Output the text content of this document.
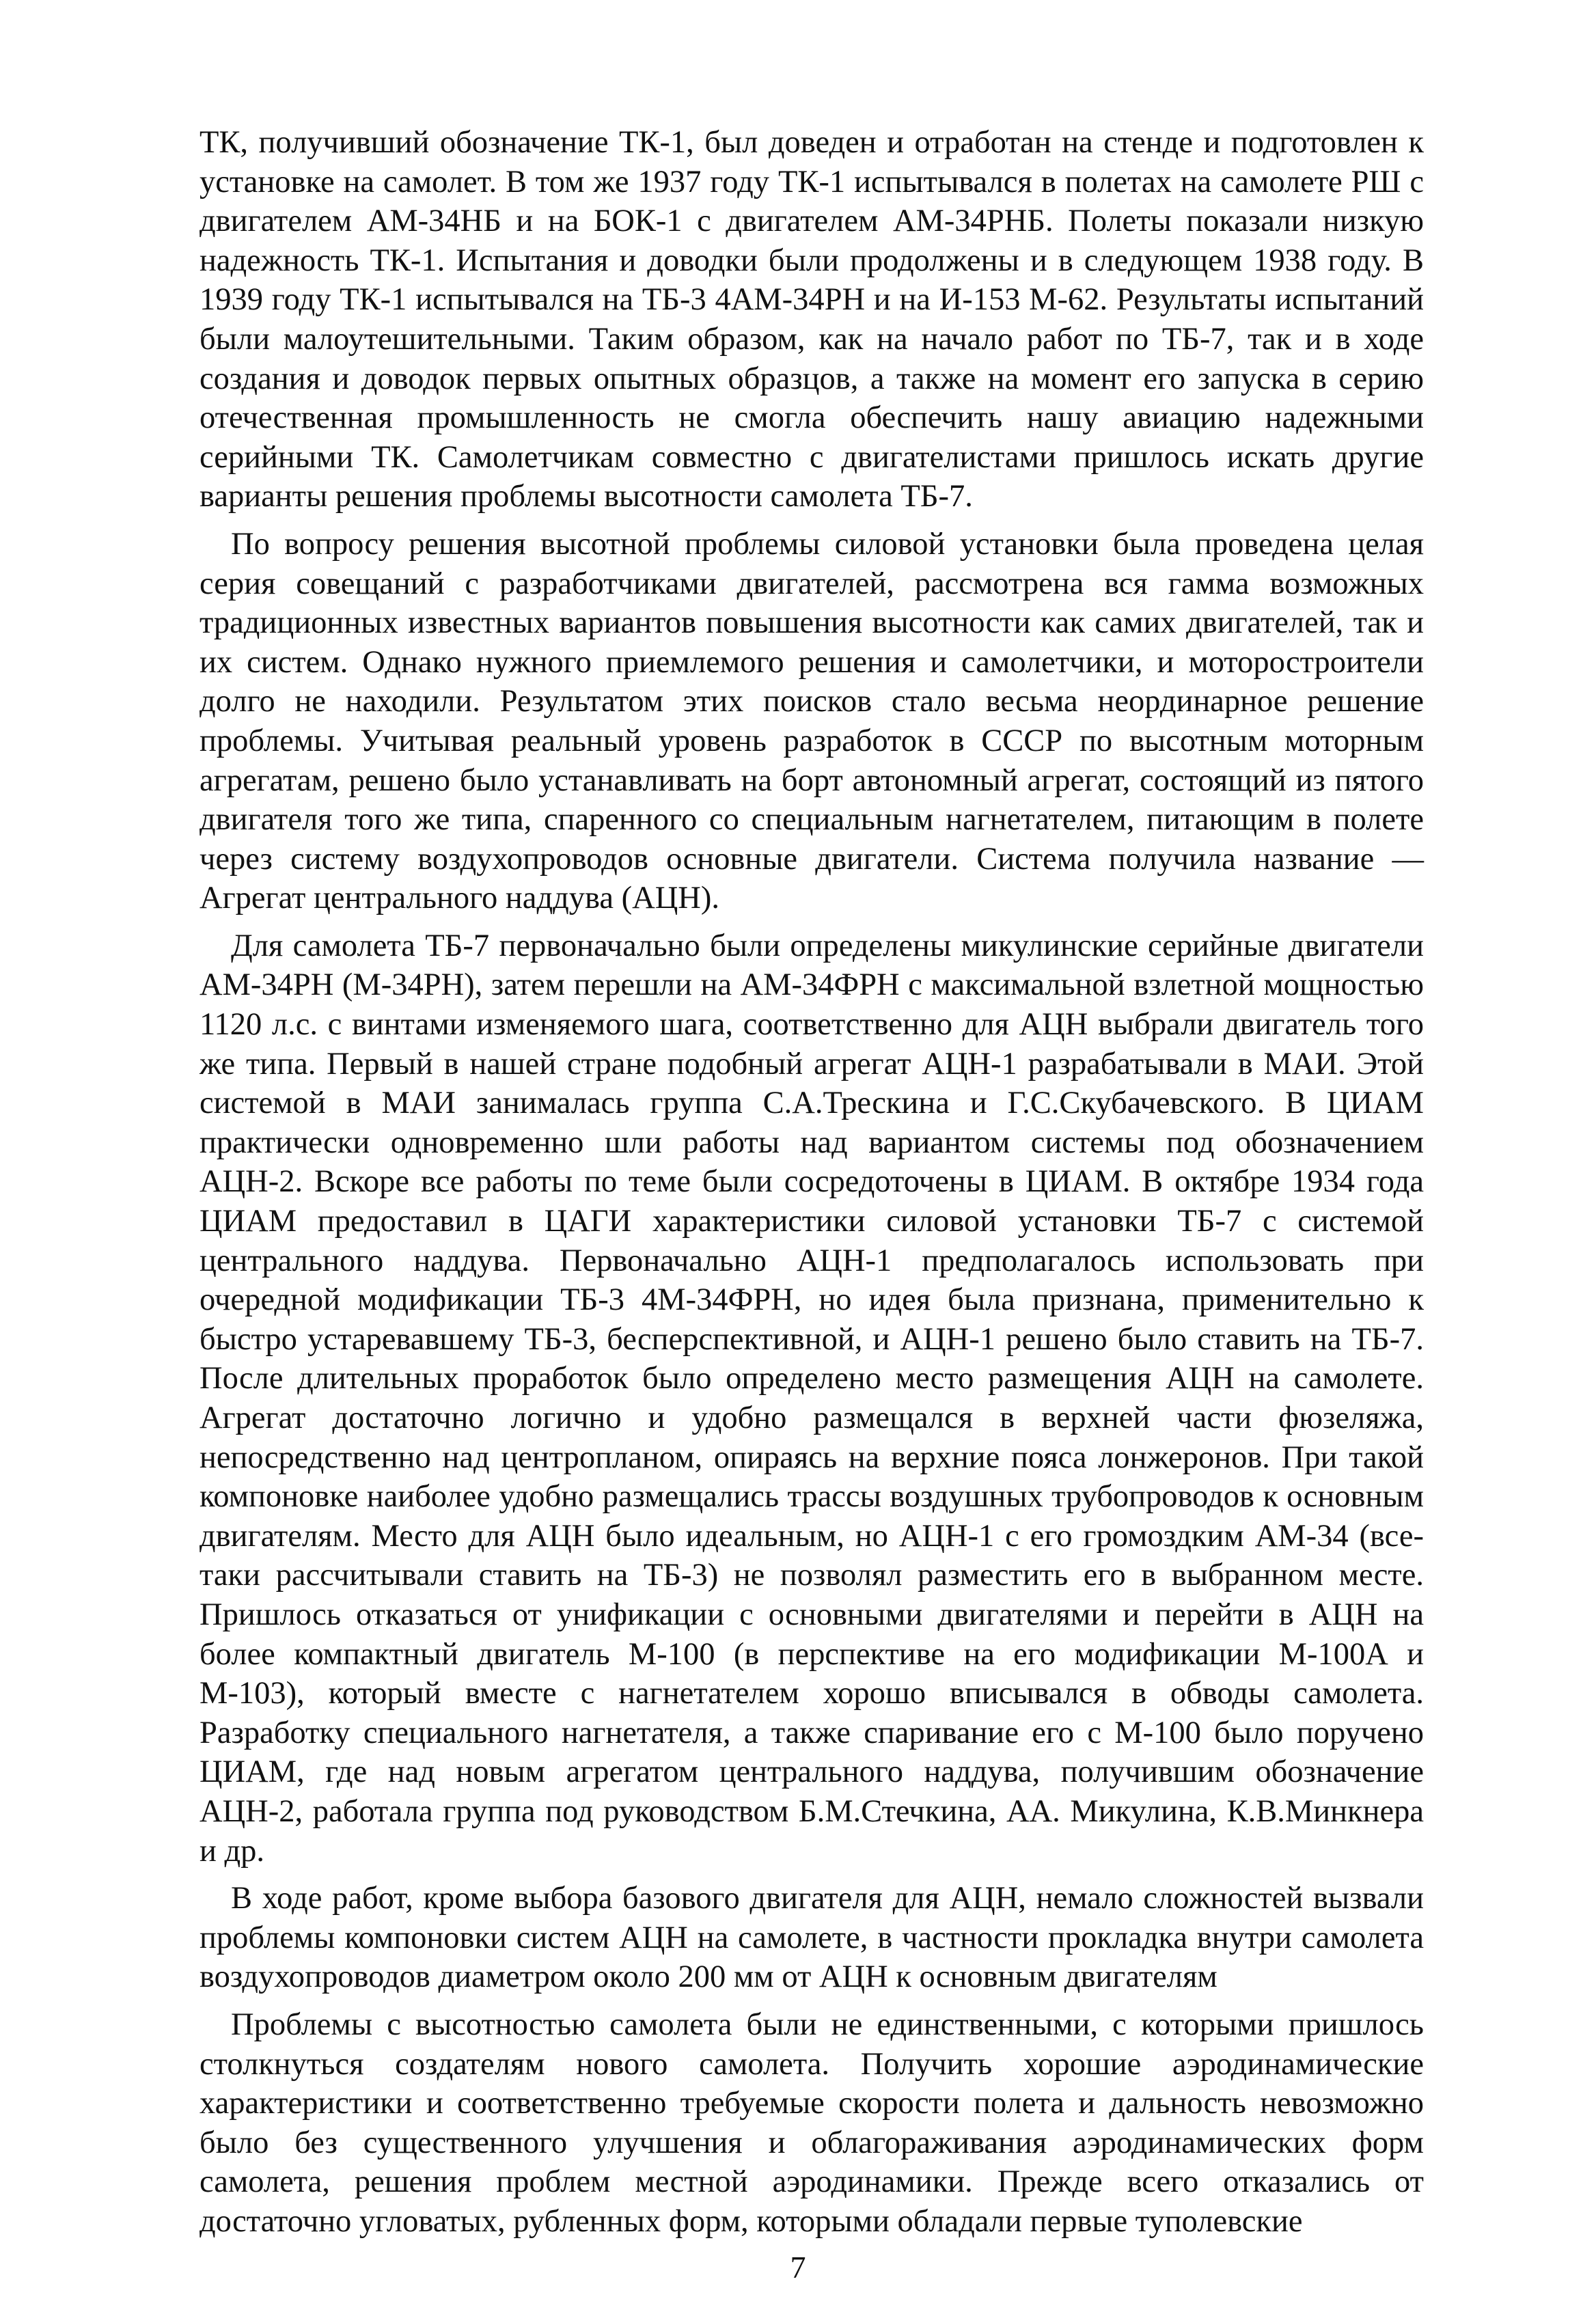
ТК, получивший обозначение ТК-1, был доведен и отработан на стенде и подготовлен к установке на самолет. В том же 1937 году ТК-1 испытывался в полетах на самолете РШ с двигателем АМ-34НБ и на БОК-1 с двигателем АМ-34РНБ. Полеты показали низкую надежность ТК-1. Испытания и доводки были продолжены и в следующем 1938 году. В 1939 году ТК-1 испытывался на ТБ-3 4АМ-34РН и на И-153 М-62. Результаты испытаний были малоутешительными. Таким образом, как на начало работ по ТБ-7, так и в ходе создания и доводок первых опытных образцов, а также на момент его запуска в серию отечественная промышленность не смогла обеспечить нашу авиацию надежными серийными ТК. Самолетчикам совместно с двигателистами пришлось искать другие варианты решения проблемы высотности самолета ТБ-7.

По вопросу решения высотной проблемы силовой установки была проведена целая серия совещаний с разработчиками двигателей, рассмотрена вся гамма возможных традиционных известных вариантов повышения высотности как самих двигателей, так и их систем. Однако нужного приемлемого решения и самолетчики, и моторостроители долго не находили. Результатом этих поисков стало весьма неординарное решение проблемы. Учитывая реальный уровень разработок в СССР по высотным моторным агрегатам, решено было устанавливать на борт автономный агрегат, состоящий из пятого двигателя того же типа, спаренного со специальным нагнетателем, питающим в полете через систему воздухопроводов основные двигатели. Система получила название — Агрегат центрального наддува (АЦН).

Для самолета ТБ-7 первоначально были определены микулинские серийные двигатели АМ-34РН (М-34РН), затем перешли на АМ-34ФРН с максимальной взлетной мощностью 1120 л.с. с винтами изменяемого шага, соответственно для АЦН выбрали двигатель того же типа. Первый в нашей стране подобный агрегат АЦН-1 разрабатывали в МАИ. Этой системой в МАИ занималась группа С.А.Трескина и Г.С.Скубачевского. В ЦИАМ практически одновременно шли работы над вариантом системы под обозначением АЦН-2. Вскоре все работы по теме были сосредоточены в ЦИАМ. В октябре 1934 года ЦИАМ предоставил в ЦАГИ характеристики силовой установки ТБ-7 с системой центрального наддува. Первоначально АЦН-1 предполагалось использовать при очередной модификации ТБ-3 4М-34ФРН, но идея была признана, применительно к быстро устаревавшему ТБ-3, бесперспективной, и АЦН-1 решено было ставить на ТБ-7. После длительных проработок было определено место размещения АЦН на самолете. Агрегат достаточно логично и удобно размещался в верхней части фюзеляжа, непосредственно над центропланом, опираясь на верхние пояса лонжеронов. При такой компоновке наиболее удобно размещались трассы воздушных трубопроводов к основным двигателям. Место для АЦН было идеальным, но АЦН-1 с его громоздким АМ-34 (все-таки рассчитывали ставить на ТБ-3) не позволял разместить его в выбранном месте. Пришлось отказаться от унификации с основными двигателями и перейти в АЦН на более компактный двигатель М-100 (в перспективе на его модификации М-100А и М-103), который вместе с нагнетателем хорошо вписывался в обводы самолета. Разработку специального нагнетателя, а также спаривание его с М-100 было поручено ЦИАМ, где над новым агрегатом центрального наддува, получившим обозначение АЦН-2, работала группа под руководством Б.М.Стечкина, АА. Микулина, К.В.Минкнера и др.

В ходе работ, кроме выбора базового двигателя для АЦН, немало сложностей вызвали проблемы компоновки систем АЦН на самолете, в частности прокладка внутри самолета воздухопроводов диаметром около 200 мм от АЦН к основным двигателям

Проблемы с высотностью самолета были не единственными, с которыми пришлось столкнуться создателям нового самолета. Получить хорошие аэродинамические характеристики и соответственно требуемые скорости полета и дальность невозможно было без существенного улучшения и облагораживания аэродинамических форм самолета, решения проблем местной аэродинамики. Прежде всего отказались от достаточно угловатых, рубленных форм, которыми обладали первые туполевские

7
